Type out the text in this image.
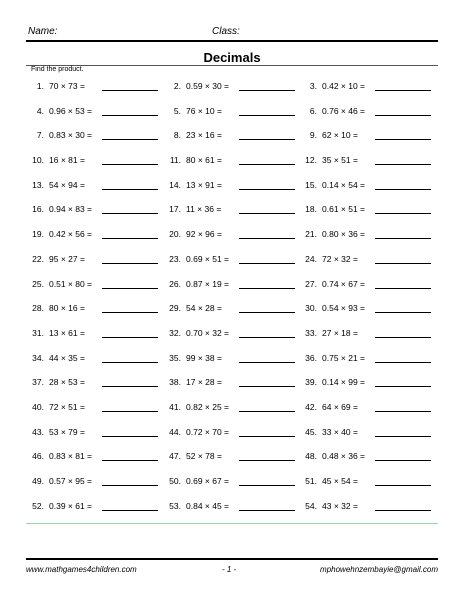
Name:	Class:
Decimals
Find the product.
1. 70 × 73 =	2. 0.59 × 30 =	3. 0.42 × 10 =
4. 0.96 × 53 =	5. 76 × 10 =	6. 0.76 × 46 =
7. 0.83 × 30 =	8. 23 × 16 =	9. 62 × 10 =
10. 16 × 81 =	11. 80 × 61 =	12. 35 × 51 =
13. 54 × 94 =	14. 13 × 91 =	15. 0.14 × 54 =
16. 0.94 × 83 =	17. 11 × 36 =	18. 0.61 × 51 =
19. 0.42 × 56 =	20. 92 × 96 =	21. 0.80 × 36 =
22. 95 × 27 =	23. 0.69 × 51 =	24. 72 × 32 =
25. 0.51 × 80 =	26. 0.87 × 19 =	27. 0.74 × 67 =
28. 80 × 16 =	29. 54 × 28 =	30. 0.54 × 93 =
31. 13 × 61 =	32. 0.70 × 32 =	33. 27 × 18 =
34. 44 × 35 =	35. 99 × 38 =	36. 0.75 × 21 =
37. 28 × 53 =	38. 17 × 28 =	39. 0.14 × 99 =
40. 72 × 51 =	41. 0.82 × 25 =	42. 64 × 69 =
43. 53 × 79 =	44. 0.72 × 70 =	45. 33 × 40 =
46. 0.83 × 81 =	47. 52 × 78 =	48. 0.48 × 36 =
49. 0.57 × 95 =	50. 0.69 × 67 =	51. 45 × 54 =
52. 0.39 × 61 =	53. 0.84 × 45 =	54. 43 × 32 =
www.mathgames4children.com	- 1 -	mphowehnzembayie@gmail.com
